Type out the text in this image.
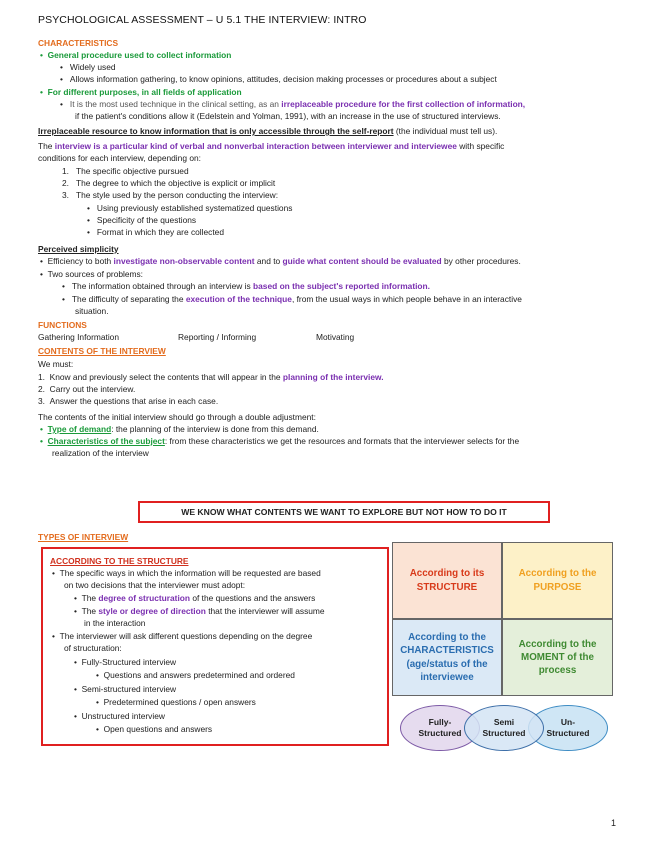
PSYCHOLOGICAL ASSESSMENT – U 5.1 THE INTERVIEW: INTRO
CHARACTERISTICS
•  General procedure used to collect information
•   Widely used
•   Allows information gathering, to know opinions, attitudes, decision making processes or procedures about a subject
•  For different purposes, in all fields of application
•   It is the most used technique in the clinical setting, as an irreplaceable procedure for the first collection of information,
if the patient's conditions allow it (Edelstein and Yolman, 1991), with an increase in the use of structured interviews.
Irreplaceable resource to know information that is only accessible through the self-report (the individual must tell us).
The interview is a particular kind of verbal and nonverbal interaction between interviewer and interviewee with specific
conditions for each interview, depending on:
1.   The specific objective pursued
2.   The degree to which the objective is explicit or implicit
3.   The style used by the person conducting the interview:
•   Using previously established systematized questions
•   Specificity of the questions
•   Format in which they are collected
Perceived simplicity
•  Efficiency to both investigate non-observable content and to guide what content should be evaluated by other procedures.
•  Two sources of problems:
•   The information obtained through an interview is based on the subject's reported information.
•   The difficulty of separating the execution of the technique, from the usual ways in which people behave in an interactive
situation.
FUNCTIONS
Gathering Information	Reporting / Informing	Motivating
CONTENTS OF THE INTERVIEW
We must:
1.  Know and previously select the contents that will appear in the planning of the interview.
2.  Carry out the interview.
3.  Answer the questions that arise in each case.
The contents of the initial interview should go through a double adjustment:
•  Type of demand: the planning of the interview is done from this demand.
•  Characteristics of the subject: from these characteristics we get the resources and formats that the interviewer selects for the
realization of the interview
WE KNOW WHAT CONTENTS WE WANT TO EXPLORE BUT NOT HOW TO DO IT
TYPES OF INTERVIEW
ACCORDING TO THE STRUCTURE
•  The specific ways in which the information will be requested are based
on two decisions that the interviewer must adopt:
•  The degree of structuration of the questions and the answers
•  The style or degree of direction that the interviewer will assume
in the interaction
•  The interviewer will ask different questions depending on the degree
of structuration:
•  Fully-Structured interview
•  Questions and answers predetermined and ordered
•  Semi-structured interview
•  Predetermined questions / open answers
•  Unstructured interview
•  Open questions and answers
According to its STRUCTURE
According to the PURPOSE
According to the CHARACTERISTICS (age/status of the interviewee
According to the MOMENT of the process
Fully-Structured
Un-Structured
Semi Structured
1
